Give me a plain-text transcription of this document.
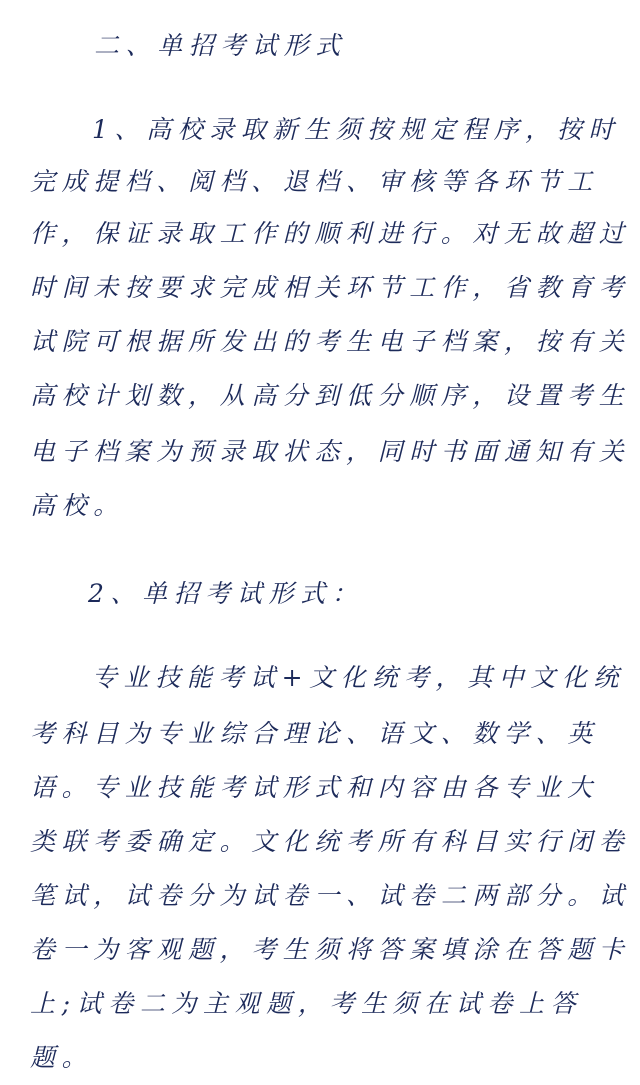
二、单招考试形式
1、高校录取新生须按规定程序，按时
完成提档、阅档、退档、审核等各环节工
作，保证录取工作的顺利进行。对无故超过
时间未按要求完成相关环节工作，省教育考
试院可根据所发出的考生电子档案，按有关
高校计划数，从高分到低分顺序，设置考生
电子档案为预录取状态，同时书面通知有关
高校。
2、单招考试形式：
专业技能考试+文化统考，其中文化统
考科目为专业综合理论、语文、数学、英
语。专业技能考试形式和内容由各专业大
类联考委确定。文化统考所有科目实行闭卷
笔试，试卷分为试卷一、试卷二两部分。试
卷一为客观题，考生须将答案填涂在答题卡
上;试卷二为主观题，考生须在试卷上答
题。
